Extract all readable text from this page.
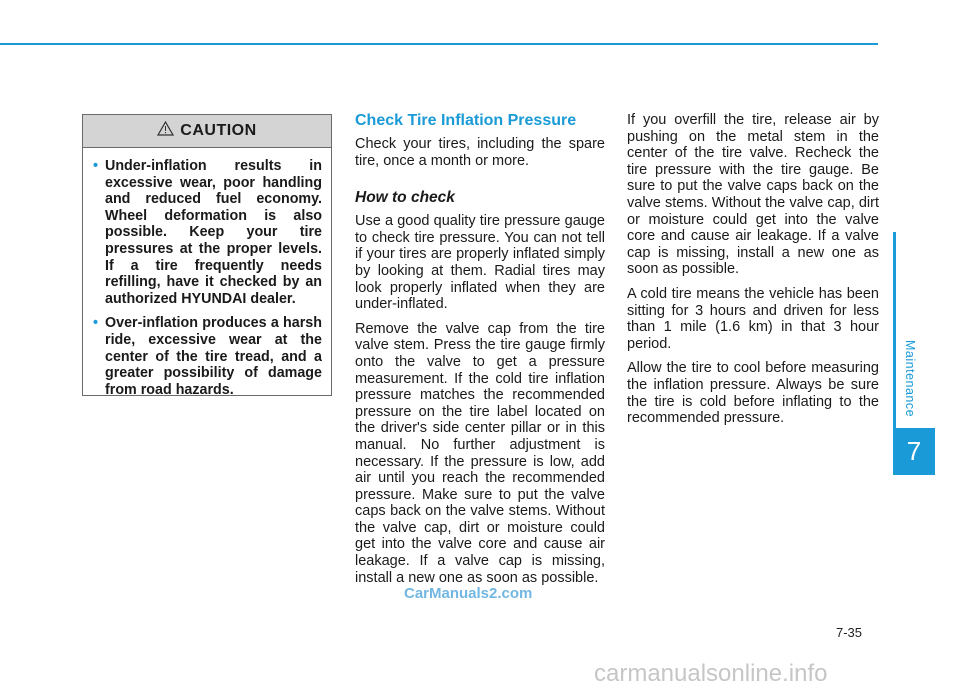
CAUTION
• Under-inflation results in excessive wear, poor handling and reduced fuel economy. Wheel deformation is also possible. Keep your tire pressures at the proper levels. If a tire frequently needs refilling, have it checked by an authorized HYUNDAI dealer.
• Over-inflation produces a harsh ride, excessive wear at the center of the tire tread, and a greater possibility of damage from road hazards.
Check Tire Inflation Pressure

Check your tires, including the spare tire, once a month or more.

How to check

Use a good quality tire pressure gauge to check tire pressure. You can not tell if your tires are properly inflated simply by looking at them. Radial tires may look properly inflated when they are under-inflated.

Remove the valve cap from the tire valve stem. Press the tire gauge firmly onto the valve to get a pressure measurement. If the cold tire inflation pressure matches the recommended pressure on the tire label located on the driver's side center pillar or in this manual. No further adjustment is necessary. If the pressure is low, add air until you reach the recommended pressure. Make sure to put the valve caps back on the valve stems. Without the valve cap, dirt or moisture could get into the valve core and cause air leakage. If a valve cap is missing, install a new one as soon as possible.

If you overfill the tire, release air by pushing on the metal stem in the center of the tire valve. Recheck the tire pressure with the tire gauge. Be sure to put the valve caps back on the valve stems. Without the valve cap, dirt or moisture could get into the valve core and cause air leakage. If a valve cap is missing, install a new one as soon as possible.

A cold tire means the vehicle has been sitting for 3 hours and driven for less than 1 mile (1.6 km) in that 3 hour period.

Allow the tire to cool before measuring the inflation pressure. Always be sure the tire is cold before inflating to the recommended pressure.

Maintenance
7
7-35
CarManuals2.com
carmanualsonline.info
